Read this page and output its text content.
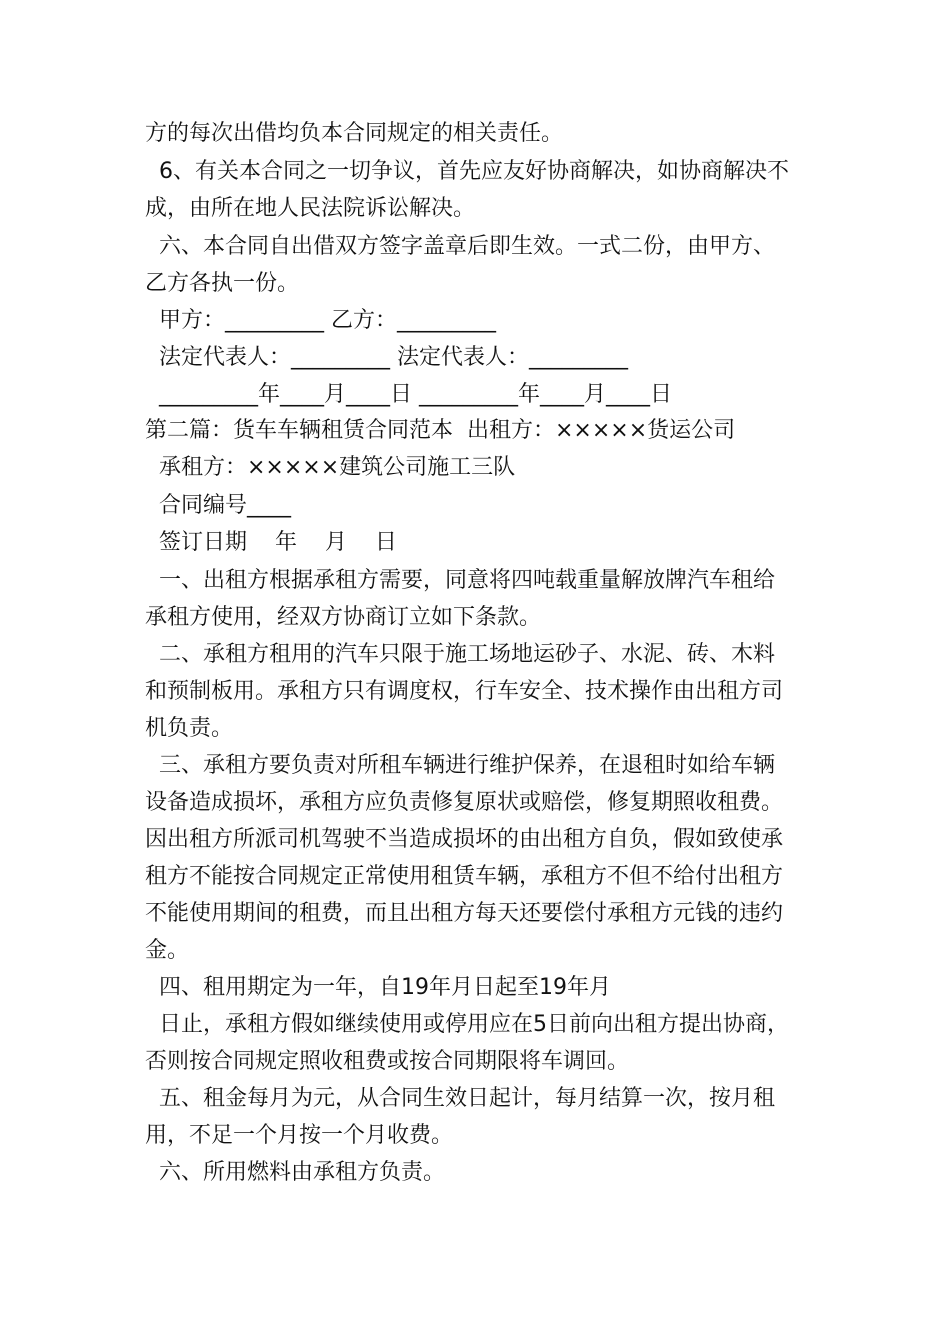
方的每次出借均负本合同规定的相关责任。
6、有关本合同之一切争议，首先应友好协商解决，如协商解决不
成，由所在地人民法院诉讼解决。
六、本合同自出借双方签字盖章后即生效。一式二份，由甲方、
乙方各执一份。
甲方：_________ 乙方：_________
法定代表人：_________ 法定代表人：_________
_________年____月____日 _________年____月____日
第二篇：货车车辆租赁合同范本  出租方：×××××货运公司
承租方：×××××建筑公司施工三队
合同编号____
签订日期    年    月    日
一、出租方根据承租方需要，同意将四吨载重量解放牌汽车租给
承租方使用，经双方协商订立如下条款。
二、承租方租用的汽车只限于施工场地运砂子、水泥、砖、木料
和预制板用。承租方只有调度权，行车安全、技术操作由出租方司
机负责。
三、承租方要负责对所租车辆进行维护保养，在退租时如给车辆
设备造成损坏，承租方应负责修复原状或赔偿，修复期照收租费。
因出租方所派司机驾驶不当造成损坏的由出租方自负，假如致使承
租方不能按合同规定正常使用租赁车辆，承租方不但不给付出租方
不能使用期间的租费，而且出租方每天还要偿付承租方元钱的违约
金。
四、租用期定为一年，自19年月日起至19年月
日止，承租方假如继续使用或停用应在5日前向出租方提出协商，
否则按合同规定照收租费或按合同期限将车调回。
五、租金每月为元，从合同生效日起计，每月结算一次，按月租
用，不足一个月按一个月收费。
六、所用燃料由承租方负责。
